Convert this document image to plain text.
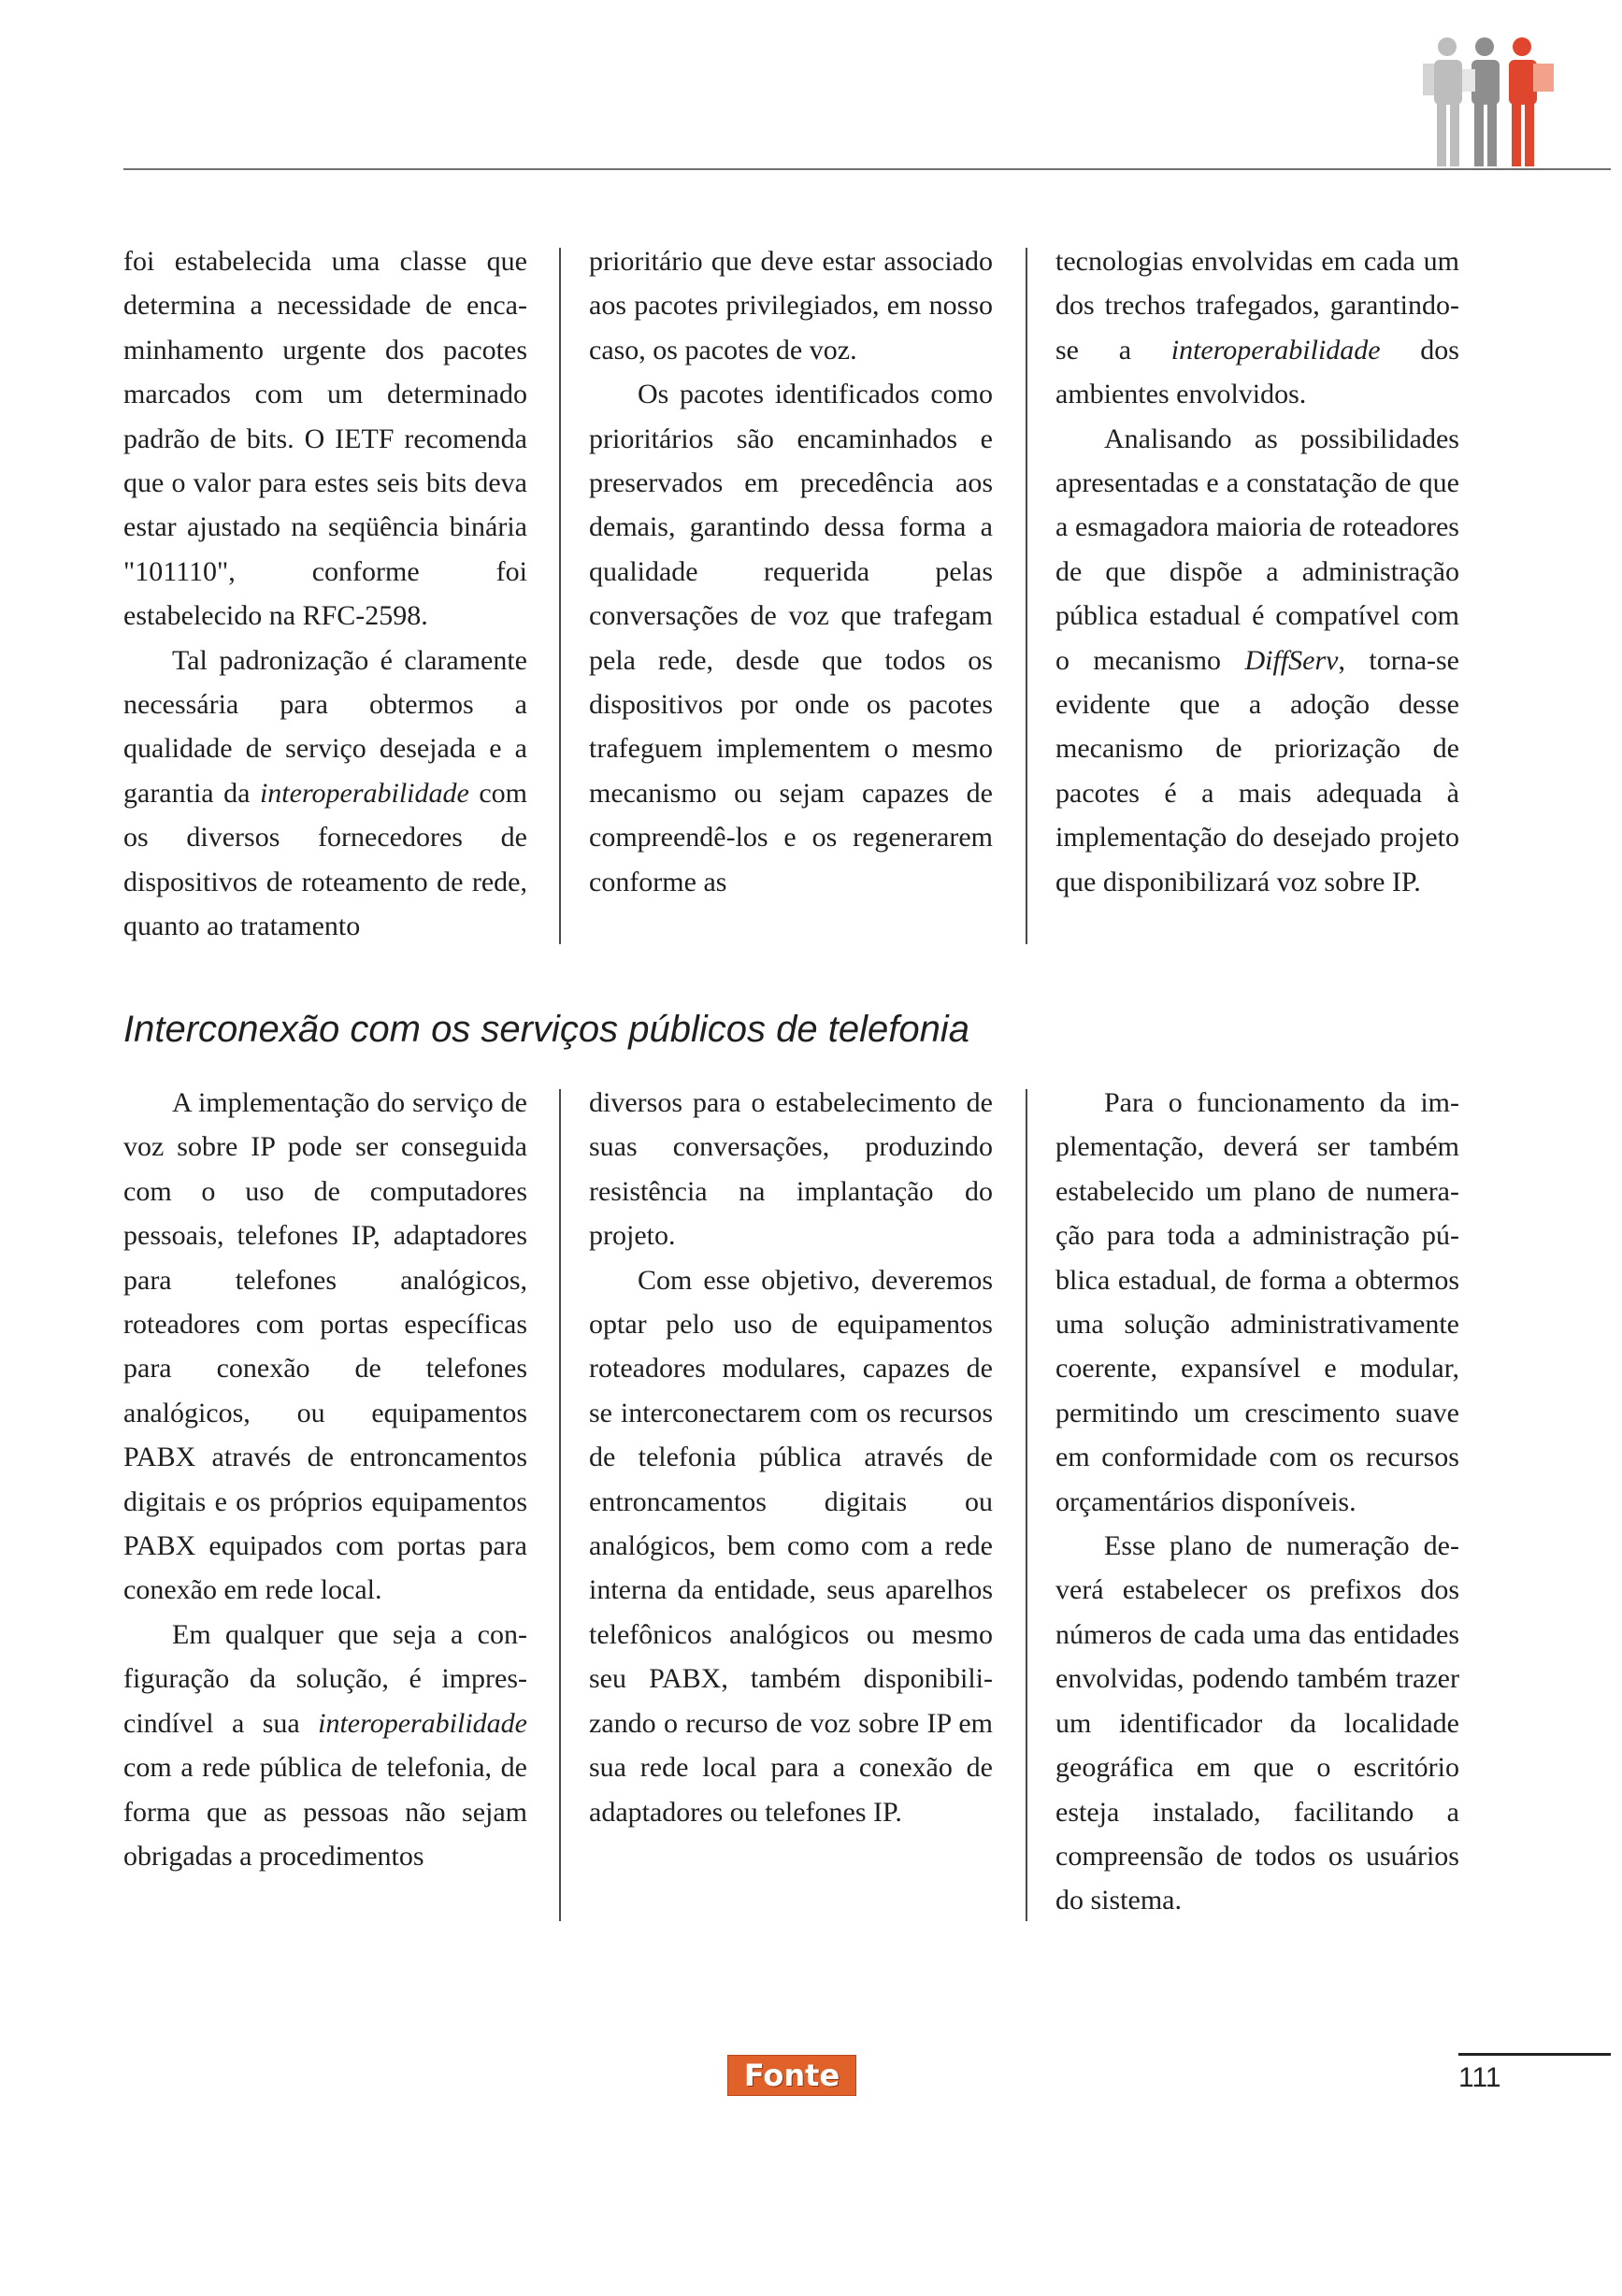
foi estabelecida uma classe que determina a necessidade de encaminhamento urgente dos pacotes marcados com um determinado padrão de bits. O IETF recomenda que o valor para estes seis bits deva estar ajustado na seqüência binária "101110", conforme foi estabelecido na RFC-2598.

Tal padronização é claramente necessária para obtermos a qualidade de serviço desejada e a garantia da interoperabilidade com os diversos fornecedores de dispositivos de roteamento de rede, quanto ao tratamento

prioritário que deve estar associado aos pacotes privilegiados, em nosso caso, os pacotes de voz.

Os pacotes identificados como prioritários são encaminhados e preservados em precedência aos demais, garantindo dessa forma a qualidade requerida pelas conversações de voz que trafegam pela rede, desde que todos os dispositivos por onde os pacotes trafeguem implementem o mesmo mecanismo ou sejam capazes de compreendê-los e os regenerarem conforme as

tecnologias envolvidas em cada um dos trechos trafegados, garantindo-se a interoperabilidade dos ambientes envolvidos.

Analisando as possibilidades apresentadas e a constatação de que a esmagadora maioria de roteadores de que dispõe a administração pública estadual é compatível com o mecanismo DiffServ, torna-se evidente que a adoção desse mecanismo de priorização de pacotes é a mais adequada à implementação do desejado projeto que disponibilizará voz sobre IP.

Interconexão com os serviços públicos de telefonia

A implementação do serviço de voz sobre IP pode ser conseguida com o uso de computadores pessoais, telefones IP, adaptadores para telefones analógicos, roteadores com portas específicas para conexão de telefones analógicos, ou equipamentos PABX através de entroncamentos digitais e os próprios equipamentos PABX equipados com portas para conexão em rede local.

Em qualquer que seja a configuração da solução, é imprescindível a sua interoperabilidade com a rede pública de telefonia, de forma que as pessoas não sejam obrigadas a procedimentos

diversos para o estabelecimento de suas conversações, produzindo resistência na implantação do projeto.

Com esse objetivo, deveremos optar pelo uso de equipamentos roteadores modulares, capazes de se interconectarem com os recursos de telefonia pública através de entroncamentos digitais ou analógicos, bem como com a rede interna da entidade, seus aparelhos telefônicos analógicos ou mesmo seu PABX, também disponibilizando o recurso de voz sobre IP em sua rede local para a conexão de adaptadores ou telefones IP.

Para o funcionamento da implementação, deverá ser também estabelecido um plano de numeração para toda a administração pública estadual, de forma a obtermos uma solução administrativamente coerente, expansível e modular, permitindo um crescimento suave em conformidade com os recursos orçamentários disponíveis.

Esse plano de numeração deverá estabelecer os prefixos dos números de cada uma das entidades envolvidas, podendo também trazer um identificador da localidade geográfica em que o escritório esteja instalado, facilitando a compreensão de todos os usuários do sistema.

Fonte	111
